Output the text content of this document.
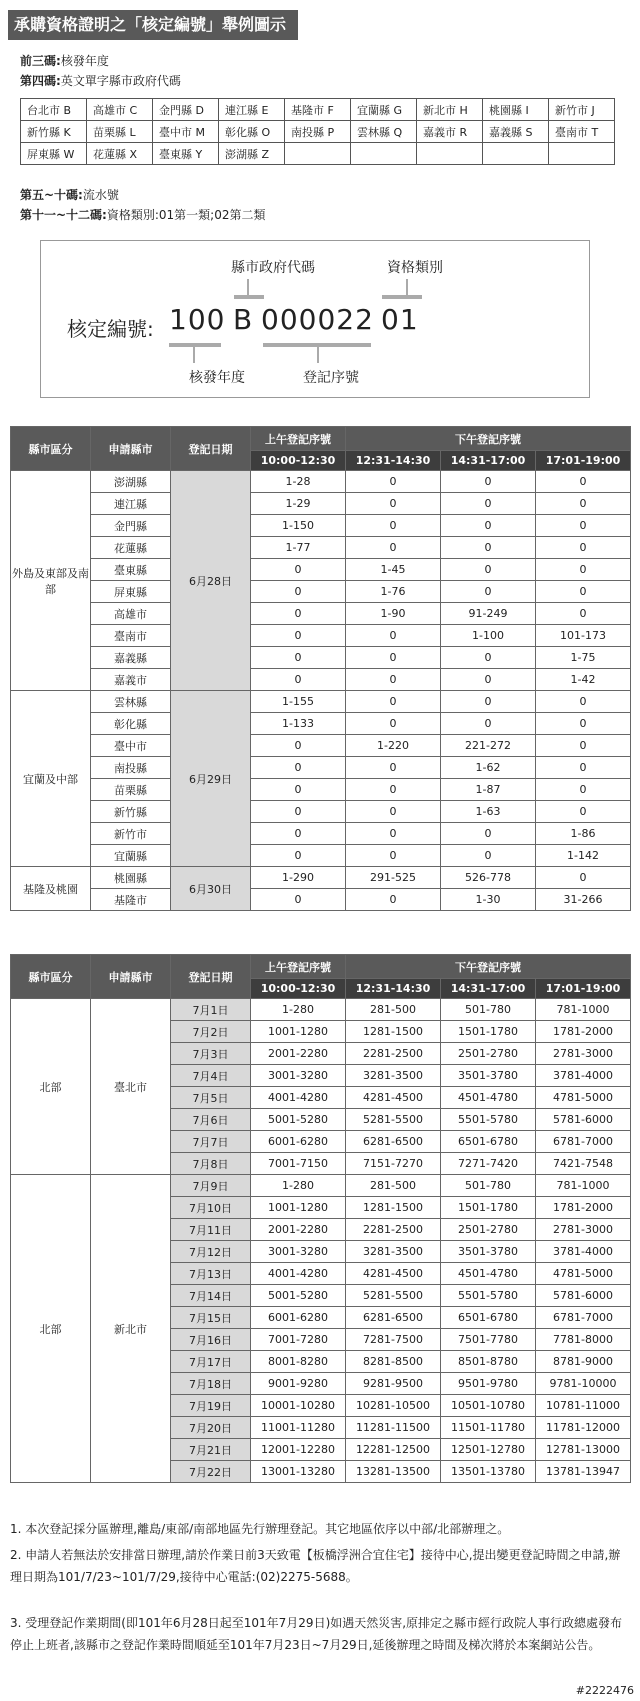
承購資格證明之「核定編號」舉例圖示
前三碼:核發年度
第四碼:英文單字縣市政府代碼
台北市 B	高雄市 C	金門縣 D	連江縣 E	基隆市 F	宜蘭縣 G	新北市 H	桃園縣 I	新竹市 J
新竹縣 K	苗栗縣 L	臺中市 M	彰化縣 O	南投縣 P	雲林縣 Q	嘉義市 R	嘉義縣 S	臺南市 T
屏東縣 W	花蓮縣 X	臺東縣 Y	澎湖縣 Z					
第五~十碼:流水號
第十一~十二碼:資格類別:01第一類;02第二類
縣市政府代碼	資格類別
核定編號: 100 B 000022 01
核發年度	登記序號
縣市區分	申請縣市	登記日期	上午登記序號	下午登記序號		
			10:00-12:30	12:31-14:30	14:31-17:00	17:01-19:00
外島及東部及南部	澎湖縣	6月28日	1-28	0	0	0
	連江縣		1-29	0	0	0
	金門縣		1-150	0	0	0
	花蓮縣		1-77	0	0	0
	臺東縣		0	1-45	0	0
	屏東縣		0	1-76	0	0
	高雄市		0	1-90	91-249	0
	臺南市		0	0	1-100	101-173
	嘉義縣		0	0	0	1-75
	嘉義市		0	0	0	1-42
宜蘭及中部	雲林縣	6月29日	1-155	0	0	0
	彰化縣		1-133	0	0	0
	臺中市		0	1-220	221-272	0
	南投縣		0	0	1-62	0
	苗栗縣		0	0	1-87	0
	新竹縣		0	0	1-63	0
	新竹市		0	0	0	1-86
	宜蘭縣		0	0	0	1-142
基隆及桃園	桃園縣	6月30日	1-290	291-525	526-778	0
	基隆市		0	0	1-30	31-266
縣市區分	申請縣市	登記日期	上午登記序號	下午登記序號		
			10:00-12:30	12:31-14:30	14:31-17:00	17:01-19:00
北部	臺北市	7月1日	1-280	281-500	501-780	781-1000
		7月2日	1001-1280	1281-1500	1501-1780	1781-2000
		7月3日	2001-2280	2281-2500	2501-2780	2781-3000
		7月4日	3001-3280	3281-3500	3501-3780	3781-4000
		7月5日	4001-4280	4281-4500	4501-4780	4781-5000
		7月6日	5001-5280	5281-5500	5501-5780	5781-6000
		7月7日	6001-6280	6281-6500	6501-6780	6781-7000
		7月8日	7001-7150	7151-7270	7271-7420	7421-7548
北部	新北市	7月9日	1-280	281-500	501-780	781-1000
		7月10日	1001-1280	1281-1500	1501-1780	1781-2000
		7月11日	2001-2280	2281-2500	2501-2780	2781-3000
		7月12日	3001-3280	3281-3500	3501-3780	3781-4000
		7月13日	4001-4280	4281-4500	4501-4780	4781-5000
		7月14日	5001-5280	5281-5500	5501-5780	5781-6000
		7月15日	6001-6280	6281-6500	6501-6780	6781-7000
		7月16日	7001-7280	7281-7500	7501-7780	7781-8000
		7月17日	8001-8280	8281-8500	8501-8780	8781-9000
		7月18日	9001-9280	9281-9500	9501-9780	9781-10000
		7月19日	10001-10280	10281-10500	10501-10780	10781-11000
		7月20日	11001-11280	11281-11500	11501-11780	11781-12000
		7月21日	12001-12280	12281-12500	12501-12780	12781-13000
		7月22日	13001-13280	13281-13500	13501-13780	13781-13947
1. 本次登記採分區辦理,離島/東部/南部地區先行辦理登記。其它地區依序以中部/北部辦理之。
2. 申請人若無法於安排當日辦理,請於作業日前3天致電【板橋浮洲合宜住宅】接待中心,提出變更登記時間之申請,辦理日期為101/7/23~101/7/29,接待中心電話:(02)2275-5688。
3. 受理登記作業期間(即101年6月28日起至101年7月29日)如遇天然災害,原排定之縣市經行政院人事行政總處發布停止上班者,該縣市之登記作業時間順延至101年7月23日~7月29日,延後辦理之時間及梯次將於本案網站公告。
#2222476
